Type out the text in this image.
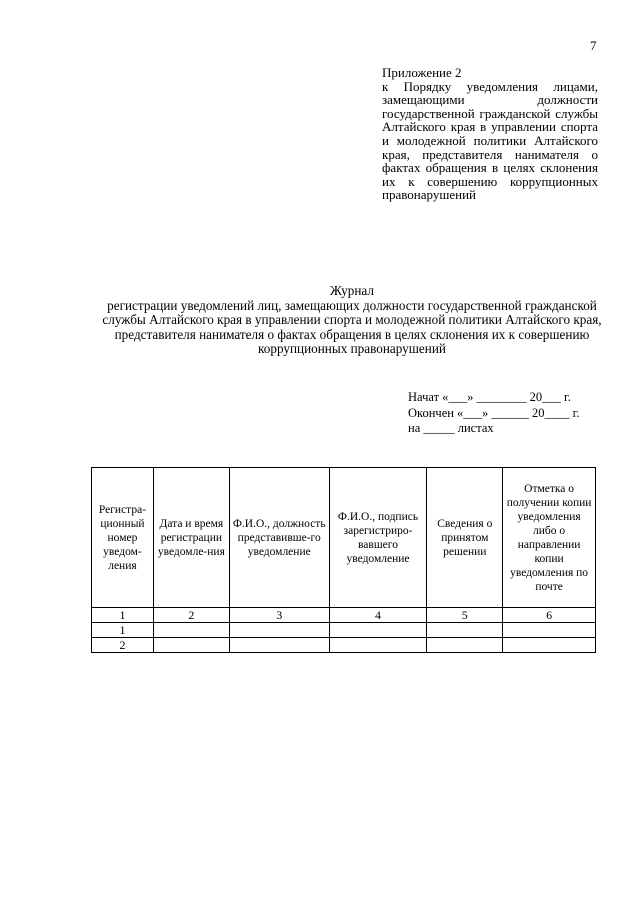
7
Приложение 2
к Порядку уведомления лицами, замещающими должности государственной гражданской службы Алтайского края в управлении спорта и молодежной политики Алтайского края, представителя нанимателя о фактах обращения в целях склонения их к совершению коррупционных правонарушений
Журнал
регистрации уведомлений лиц, замещающих должности государственной гражданской службы Алтайского края в управлении спорта и молодежной политики Алтайского края, представителя нанимателя о фактах обращения в целях склонения их к совершению коррупционных правонарушений
Начат «___» ________ 20___ г.
Окончен «___» ______ 20____ г.
на _____ листах
Регистра-ционный номер уведом-ления	Дата и время регистрации уведомле-ния	Ф.И.О., должность представивше-го уведомление	Ф.И.О., подпись зарегистриро-вавшего уведомление	Сведения о принятом решении	Отметка о получении копии уведомления либо о направлении копии уведомления по почте

1	2	3	4	5	6
1					
2					
